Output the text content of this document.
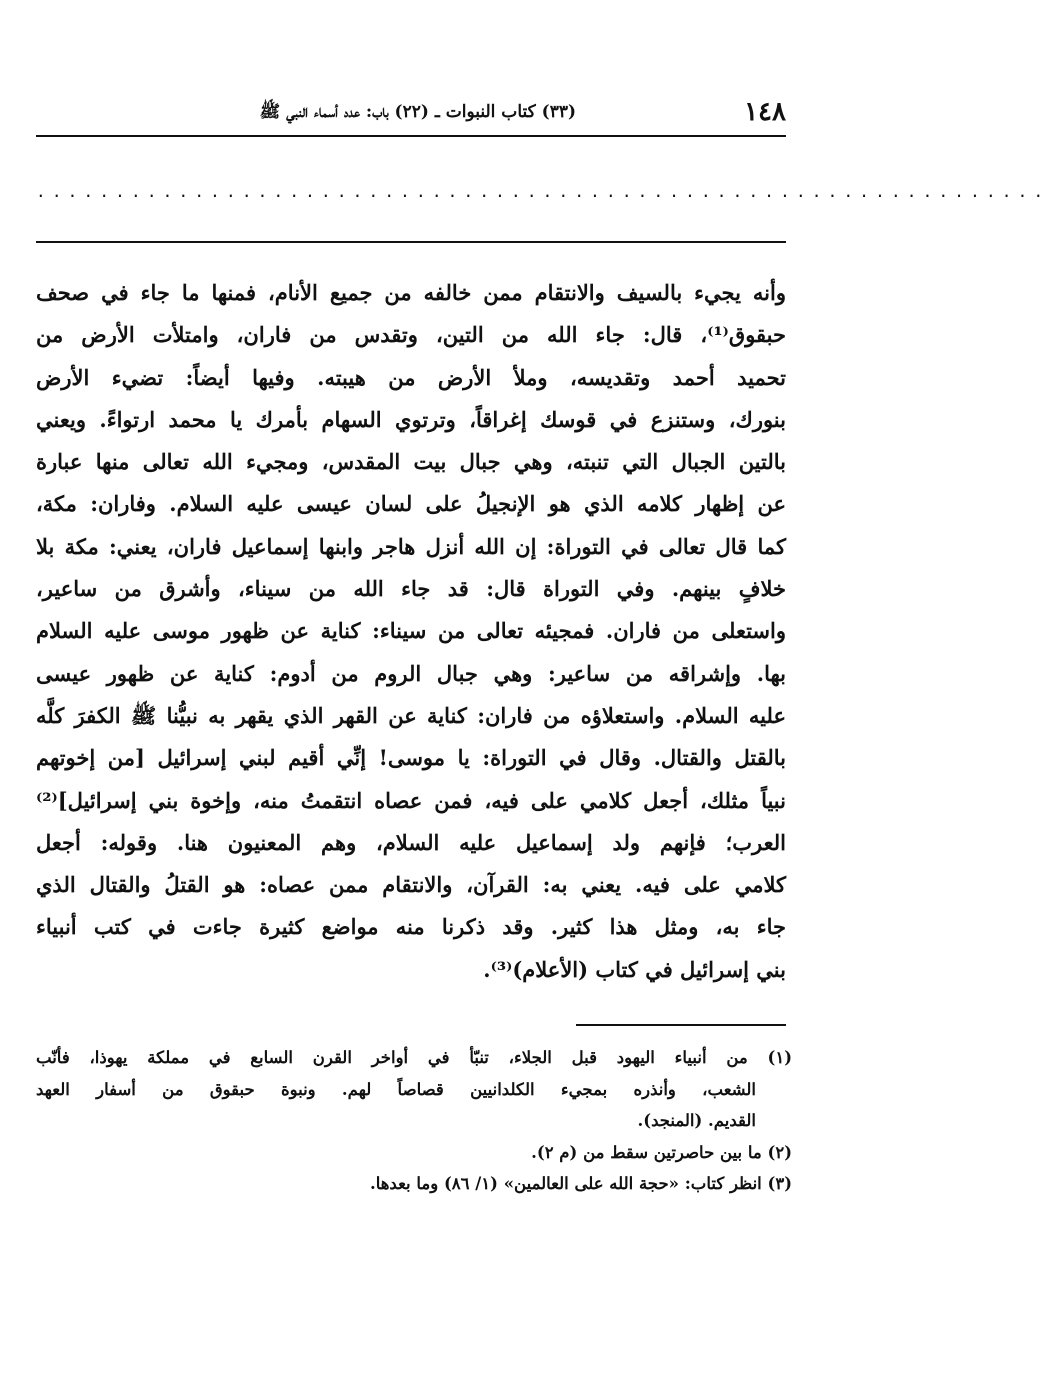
١٤٨
(٣٣) كتاب النبوات ـ (٢٢) باب: عدد أسماء النبي ﷺ
................................................................
وأنه يجيء بالسيف والانتقام ممن خالفه من جميع الأنام، فمنها ما جاء في صحف
حبقوق⁽¹⁾، قال: جاء الله من التين، وتقدس من فاران، وامتلأت الأرض من
تحميد أحمد وتقديسه، وملأ الأرض من هيبته. وفيها أيضاً: تضيء الأرض
بنورك، وستنزع في قوسك إغراقاً، وترتوي السهام بأمرك يا محمد ارتواءً. ويعني
بالتين الجبال التي تنبته، وهي جبال بيت المقدس، ومجيء الله تعالى منها عبارة
عن إظهار كلامه الذي هو الإنجيلُ على لسان عيسى عليه السلام. وفاران: مكة،
كما قال تعالى في التوراة: إن الله أنزل هاجر وابنها إسماعيل فاران، يعني: مكة بلا
خلافٍ بينهم. وفي التوراة قال: قد جاء الله من سيناء، وأشرق من ساعير،
واستعلى من فاران. فمجيئه تعالى من سيناء: كناية عن ظهور موسى عليه السلام
بها. وإشراقه من ساعير: وهي جبال الروم من أدوم: كناية عن ظهور عيسى
عليه السلام. واستعلاؤه من فاران: كناية عن القهر الذي يقهر به نبيُّنا ﷺ الكفرَ كلَّه
بالقتل والقتال. وقال في التوراة: يا موسى! إنِّي أقيم لبني إسرائيل [من إخوتهم
نبياً مثلك، أجعل كلامي على فيه، فمن عصاه انتقمتُ منه، وإخوة بني إسرائيل]⁽²⁾
العرب؛ فإنهم ولد إسماعيل عليه السلام، وهم المعنيون هنا. وقوله: أجعل
كلامي على فيه. يعني به: القرآن، والانتقام ممن عصاه: هو القتلُ والقتال الذي
جاء به، ومثل هذا كثير. وقد ذكرنا منه مواضع كثيرة جاءت في كتب أنبياء
بني إسرائيل في كتاب (الأعلام)⁽³⁾.
(١) من أنبياء اليهود قبل الجلاء، تنبّأ في أواخر القرن السابع في مملكة يهوذا، فأنّب
الشعب، وأنذره بمجيء الكلدانيين قصاصاً لهم. ونبوة حبقوق من أسفار العهد
القديم. (المنجد).
(٢) ما بين حاصرتين سقط من (م ٢).
(٣) انظر كتاب: «حجة الله على العالمين» (١/ ٨٦) وما بعدها.
